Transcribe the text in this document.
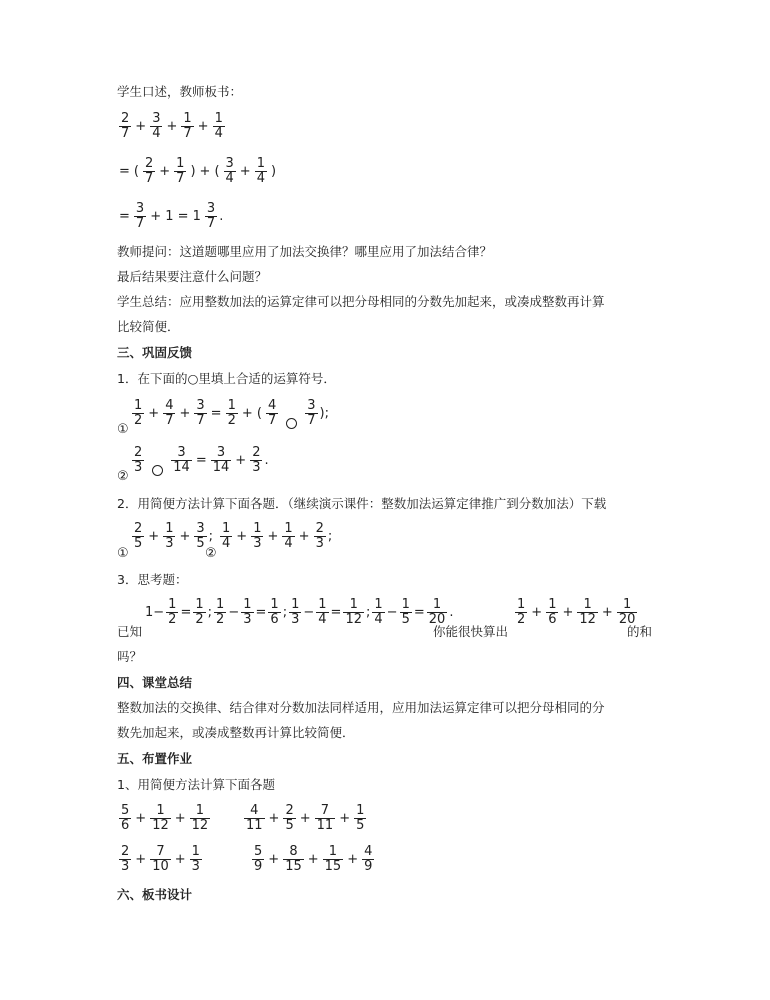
学生口述，教师板书：
$\frac{2}{7} + \frac{3}{4} + \frac{1}{7} + \frac{1}{4}$
= ( $\frac{2}{7} + \frac{1}{7}$ ) + ( $\frac{3}{4} + \frac{1}{4}$ )
= $\frac{3}{7} + 1 = 1 \frac{3}{7}$ .
教师提问：这道题哪里应用了加法交换律？哪里应用了加法结合律？
最后结果要注意什么问题？
学生总结：应用整数加法的运算定律可以把分母相同的分数先加起来，或凑成整数再计算
比较简便．
三、巩固反馈
1．在下面的○里填上合适的运算符号．
①
$\frac{1}{2} + \frac{4}{7} + \frac{3}{7} = \frac{1}{2}$ + ( $\frac{4}{7} \frac{3}{7}$ );
②
$\frac{2}{3} \frac{3}{14} = \frac{3}{14} + \frac{2}{3}$ .
2．用简便方法计算下面各题．（继续演示课件：整数加法运算定律推广到分数加法）下载
①
$\frac{2}{5} + \frac{1}{3} + \frac{3}{5}$ ;
②
$\frac{1}{4} + \frac{1}{3} + \frac{1}{4} + \frac{2}{3}$ ;
3．思考题：
已知
$1- \frac{1}{2} = \frac{1}{2}$ ; $\frac{1}{2} - \frac{1}{3} = \frac{1}{6}$ ; $\frac{1}{3} - \frac{1}{4} = \frac{1}{12}$ ; $\frac{1}{4} - \frac{1}{5} = \frac{1}{20}$ .
你能很快算出
$\frac{1}{2} + \frac{1}{6} + \frac{1}{12} + \frac{1}{20}$
的和
吗？
四、课堂总结
整数加法的交换律、结合律对分数加法同样适用，应用加法运算定律可以把分母相同的分
数先加起来，或凑成整数再计算比较简便．
五、布置作业
1、用简便方法计算下面各题
$\frac{5}{6} + \frac{1}{12} + \frac{1}{12}$	$\frac{4}{11} + \frac{2}{5} + \frac{7}{11} + \frac{1}{5}$
$\frac{2}{3} + \frac{7}{10} + \frac{1}{3}$	$\frac{5}{9} + \frac{8}{15} + \frac{1}{15} + \frac{4}{9}$
六、板书设计
